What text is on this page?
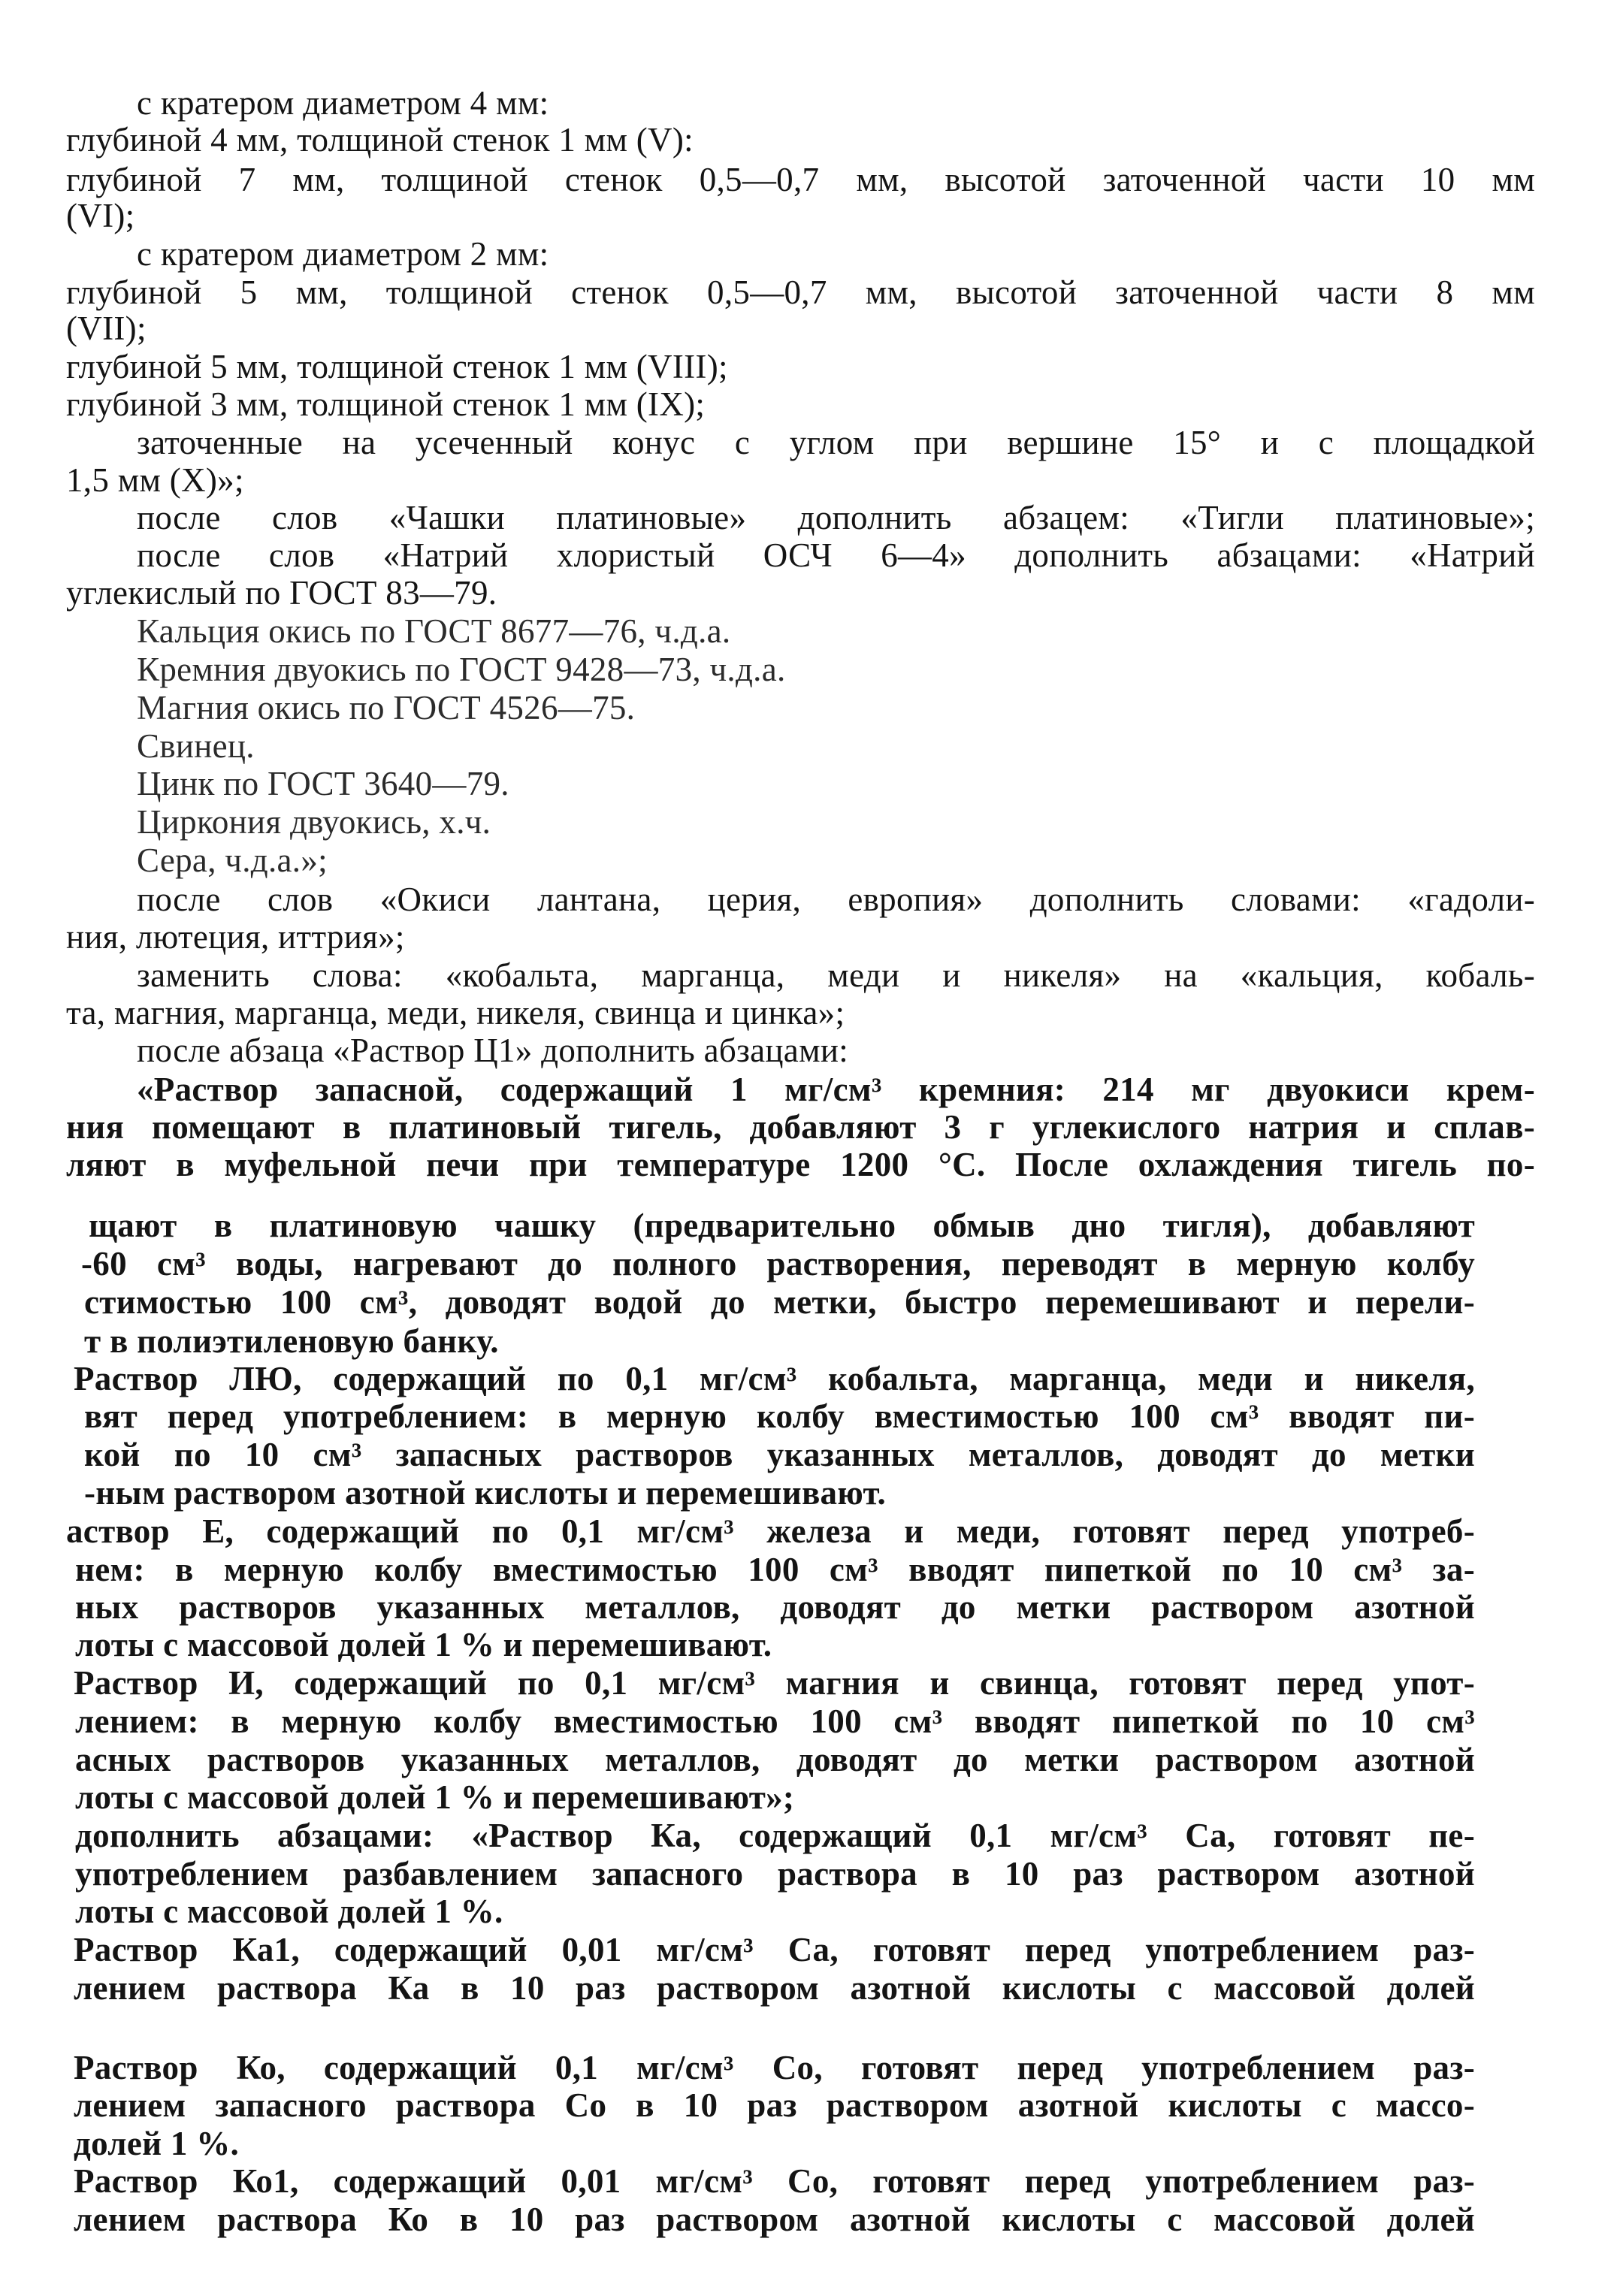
с кратером диаметром 4 мм:
глубиной 4 мм, толщиной стенок 1 мм (V):
глубиной 7 мм, толщиной стенок 0,5—0,7 мм, высотой заточенной части 10 мм
(VI);
с кратером диаметром 2 мм:
глубиной 5 мм, толщиной стенок 0,5—0,7 мм, высотой заточенной части 8 мм
(VII);
глубиной 5 мм, толщиной стенок 1 мм (VIII);
глубиной 3 мм, толщиной стенок 1 мм (IX);
заточенные на усеченный конус с углом при вершине 15° и с площадкой
1,5 мм (X)»;
после слов «Чашки платиновые» дополнить абзацем: «Тигли платиновые»;
после слов «Натрий хлористый ОСЧ 6—4» дополнить абзацами: «Натрий
углекислый по ГОСТ 83—79.
Кальция окись по ГОСТ 8677—76, ч.д.а.
Кремния двуокись по ГОСТ 9428—73, ч.д.а.
Магния окись по ГОСТ 4526—75.
Свинец.
Цинк по ГОСТ 3640—79.
Циркония двуокись, х.ч.
Сера, ч.д.а.»;
после слов «Окиси лантана, церия, европия» дополнить словами: «гадоли-
ния, лютеция, иттрия»;
заменить слова: «кобальта, марганца, меди и никеля» на «кальция, кобаль-
та, магния, марганца, меди, никеля, свинца и цинка»;
после абзаца «Раствор Ц1» дополнить абзацами:
«Раствор запасной, содержащий 1 мг/см³ кремния: 214 мг двуокиси крем-
ния помещают в платиновый тигель, добавляют 3 г углекислого натрия и сплав-
ляют в муфельной печи при температуре 1200 °С. После охлаждения тигель по-
щают в платиновую чашку (предварительно обмыв дно тигля), добавляют
-60 см³ воды, нагревают до полного растворения, переводят в мерную колбу
стимостью 100 см³, доводят водой до метки, быстро перемешивают и перели-
т в полиэтиленовую банку.
Раствор ЛЮ, содержащий по 0,1 мг/см³ кобальта, марганца, меди и никеля,
вят перед употреблением: в мерную колбу вместимостью 100 см³ вводят пи-
кой по 10 см³ запасных растворов указанных металлов, доводят до метки
-ным раствором азотной кислоты и перемешивают.
аствор Е, содержащий по 0,1 мг/см³ железа и меди, готовят перед употреб-
нем: в мерную колбу вместимостью 100 см³ вводят пипеткой по 10 см³ за-
ных растворов указанных металлов, доводят до метки раствором азотной
лоты с массовой долей 1 % и перемешивают.
Раствор И, содержащий по 0,1 мг/см³ магния и свинца, готовят перед упот-
лением: в мерную колбу вместимостью 100 см³ вводят пипеткой по 10 см³
асных растворов указанных металлов, доводят до метки раствором азотной
лоты с массовой долей 1 % и перемешивают»;
дополнить абзацами: «Раствор Ка, содержащий 0,1 мг/см³ Са, готовят пе-
употреблением разбавлением запасного раствора в 10 раз раствором азотной
лоты с массовой долей 1 %.
Раствор Ка1, содержащий 0,01 мг/см³ Са, готовят перед употреблением раз-
лением раствора Ка в 10 раз раствором азотной кислоты с массовой долей
Раствор Ко, содержащий 0,1 мг/см³ Со, готовят перед употреблением раз-
лением запасного раствора Со в 10 раз раствором азотной кислоты с массо-
долей 1 %.
Раствор Ко1, содержащий 0,01 мг/см³ Со, готовят перед употреблением раз-
лением раствора Ко в 10 раз раствором азотной кислоты с массовой долей
